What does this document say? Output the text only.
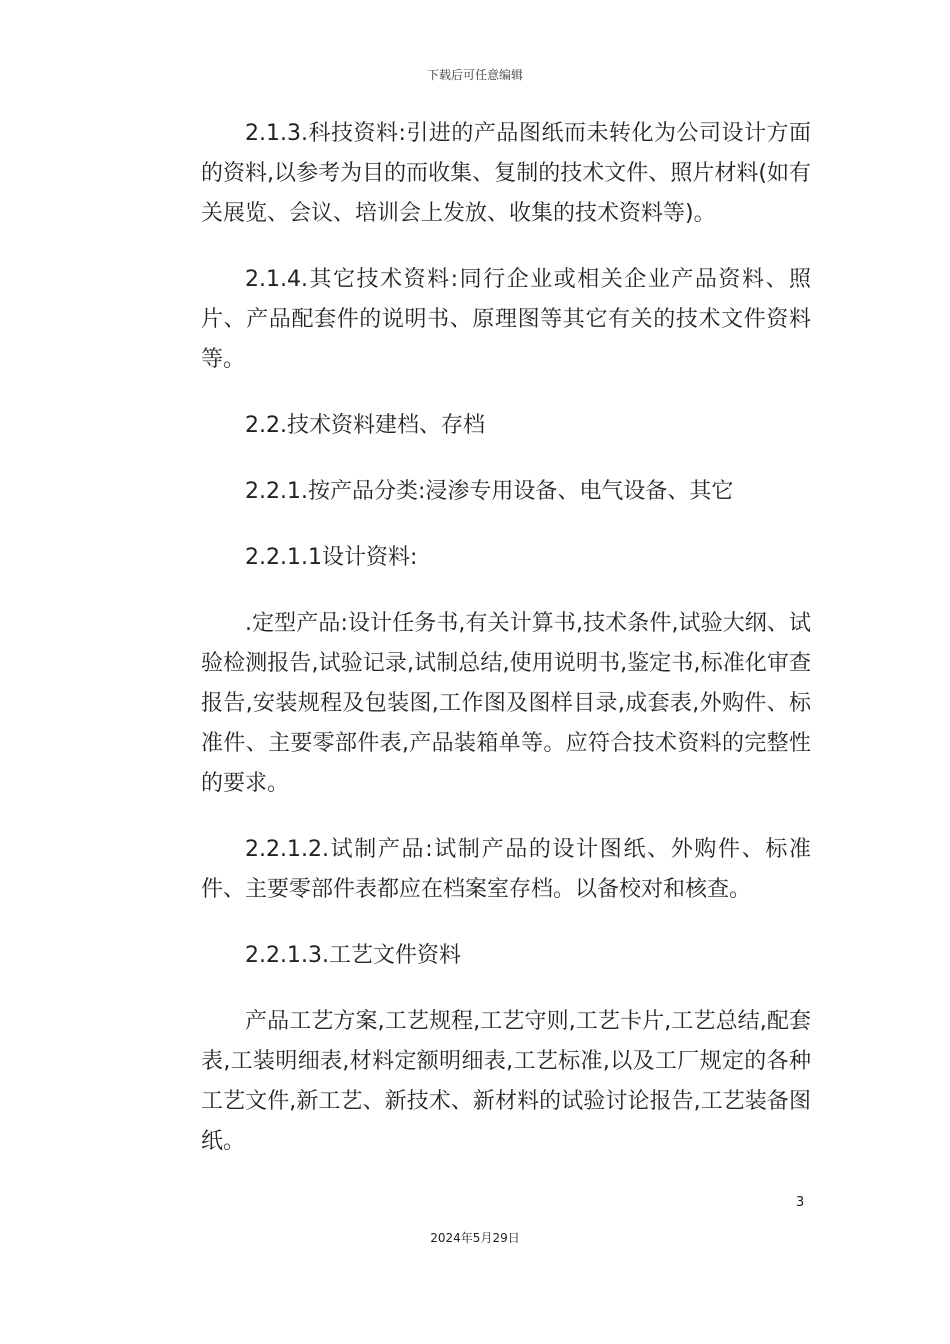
下载后可任意编辑

2.1.3.科技资料:引进的产品图纸而未转化为公司设计方面的资料,以参考为目的而收集、复制的技术文件、照片材料(如有关展览、会议、培训会上发放、收集的技术资料等)。

2.1.4.其它技术资料:同行企业或相关企业产品资料、照片、产品配套件的说明书、原理图等其它有关的技术文件资料等。

2.2.技术资料建档、存档

2.2.1.按产品分类:浸渗专用设备、电气设备、其它

2.2.1.1设计资料:

.定型产品:设计任务书,有关计算书,技术条件,试验大纲、试验检测报告,试验记录,试制总结,使用说明书,鉴定书,标准化审查报告,安装规程及包装图,工作图及图样目录,成套表,外购件、标准件、主要零部件表,产品装箱单等。应符合技术资料的完整性的要求。

2.2.1.2.试制产品:试制产品的设计图纸、外购件、标准件、主要零部件表都应在档案室存档。以备校对和核查。

2.2.1.3.工艺文件资料

产品工艺方案,工艺规程,工艺守则,工艺卡片,工艺总结,配套表,工装明细表,材料定额明细表,工艺标准,以及工厂规定的各种工艺文件,新工艺、新技术、新材料的试验讨论报告,工艺装备图纸。

3
2024年5月29日
